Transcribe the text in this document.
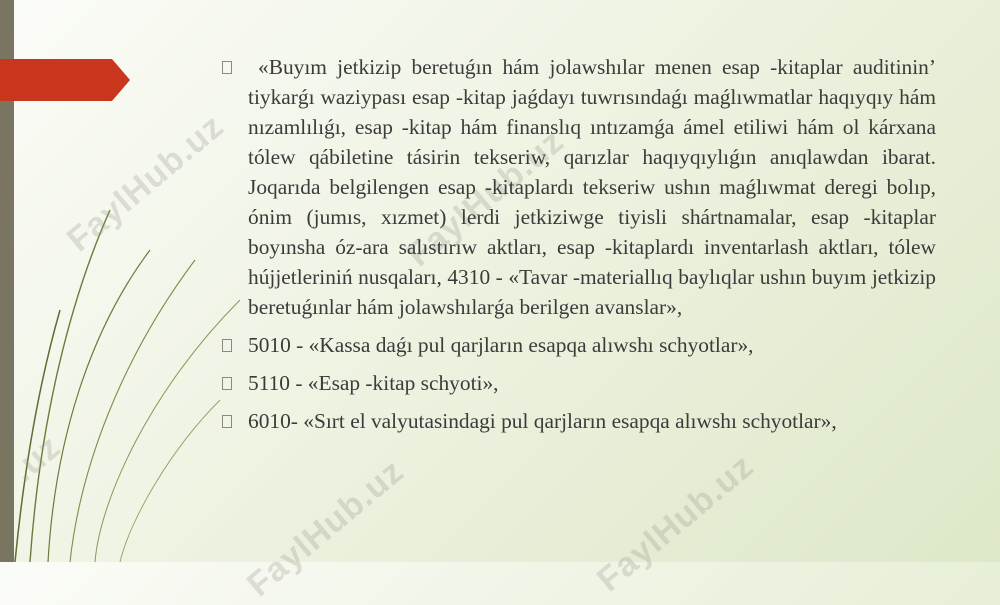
FaylHub.uz	FaylHub.uz
FaylHub.uz	FaylHub.uz
.uz
«Buyım jetkizip beretuǵın hám jolawshılar menen esap -kitaplar auditinin’ tiykarǵı waziypası esap -kitap jaǵdayı tuwrısındaǵı maǵlıwmatlar haqıyqıy hám nızamlılıǵı, esap -kitap hám finanslıq ıntızamǵa ámel etiliwi hám ol kárxana tólew qábiletine tásirin tekseriw, qarızlar haqıyqıylıǵın anıqlawdan ibarat. Joqarıda belgilengen esap -kitaplardı tekseriw ushın maǵlıwmat deregi bolıp, ónim (jumıs, xızmet) lerdi jetkiziwge tiyisli shártnamalar, esap -kitaplar boyınsha óz-ara salıstırıw aktları, esap -kitaplardı inventarlash aktları, tólew hújjetleriniń nusqaları, 4310 - «Tavar -materiallıq baylıqlar ushın buyım jetkizip beretuǵınlar hám jolawshılarǵa berilgen avanslar»,
5010 - «Kassa daǵı pul qarjların esapqa alıwshı schyotlar»,
5110 - «Esap -kitap schyoti»,
6010- «Sırt el valyutasindagi pul qarjların esapqa alıwshı schyotlar»,
